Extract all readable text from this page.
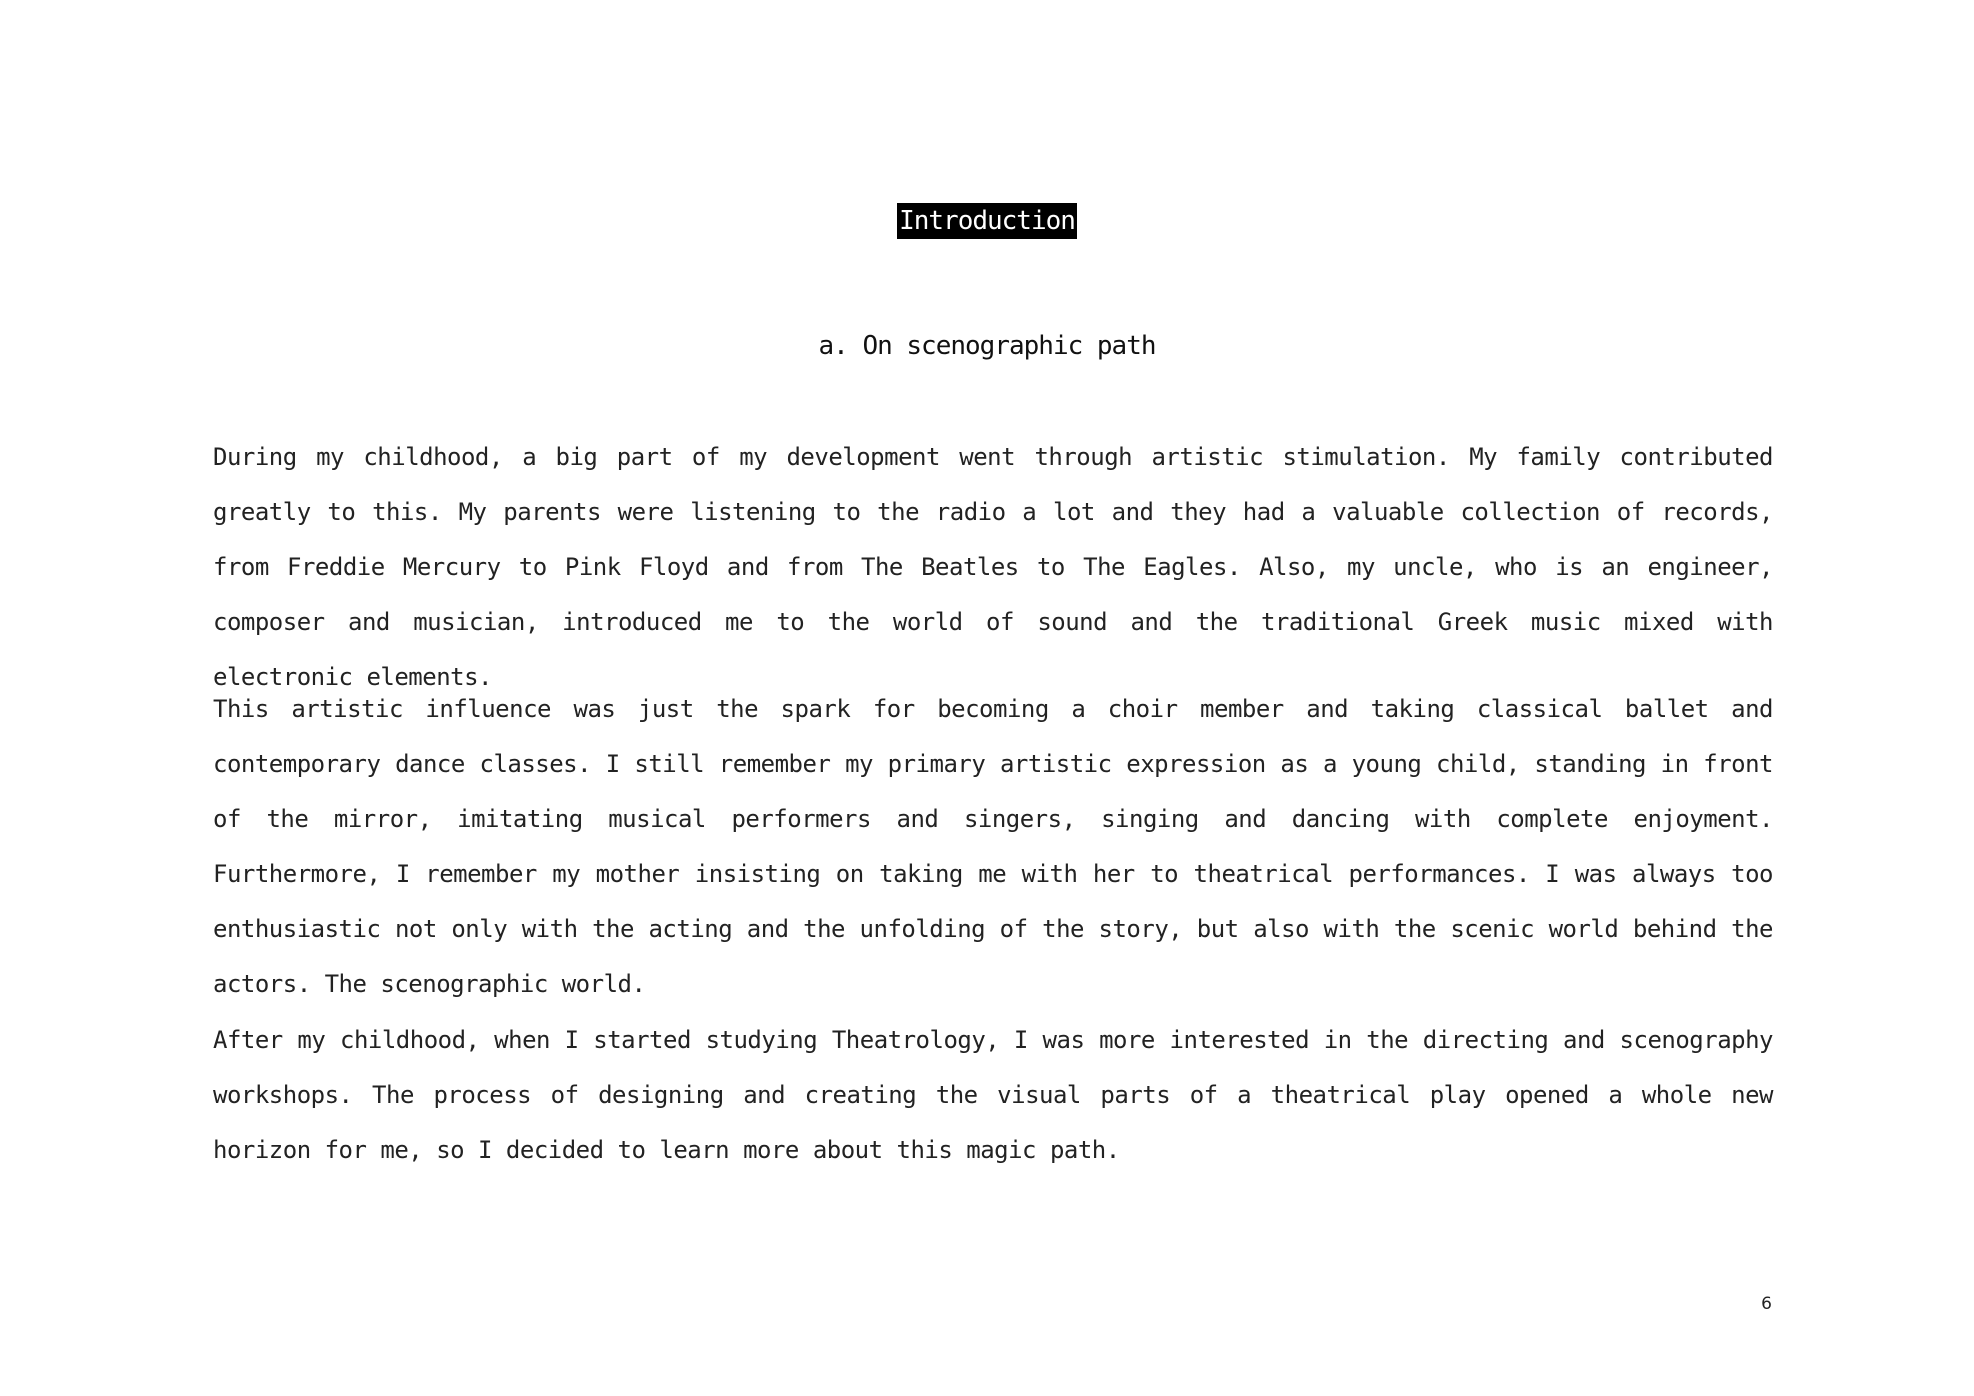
Introduction
a. On scenographic path

During my childhood, a big part of my development went through artistic stimulation. My family contributed greatly to this. My parents were listening to the radio a lot and they had a valuable collection of records, from Freddie Mercury to Pink Floyd and from The Beatles to The Eagles. Also, my uncle, who is an engineer, composer and musician, introduced me to the world of sound and the traditional Greek music mixed with electronic elements.

This artistic influence was just the spark for becoming a choir member and taking classical ballet and contemporary dance classes. I still remember my primary artistic expression as a young child, standing in front of the mirror, imitating musical performers and singers, singing and dancing with complete enjoyment. Furthermore, I remember my mother insisting on taking me with her to theatrical performances. I was always too enthusiastic not only with the acting and the unfolding of the story, but also with the scenic world behind the actors. The scenographic world.

After my childhood, when I started studying Theatrology, I was more interested in the directing and scenography workshops. The process of designing and creating the visual parts of a theatrical play opened a whole new horizon for me, so I decided to learn more about this magic path.

6
